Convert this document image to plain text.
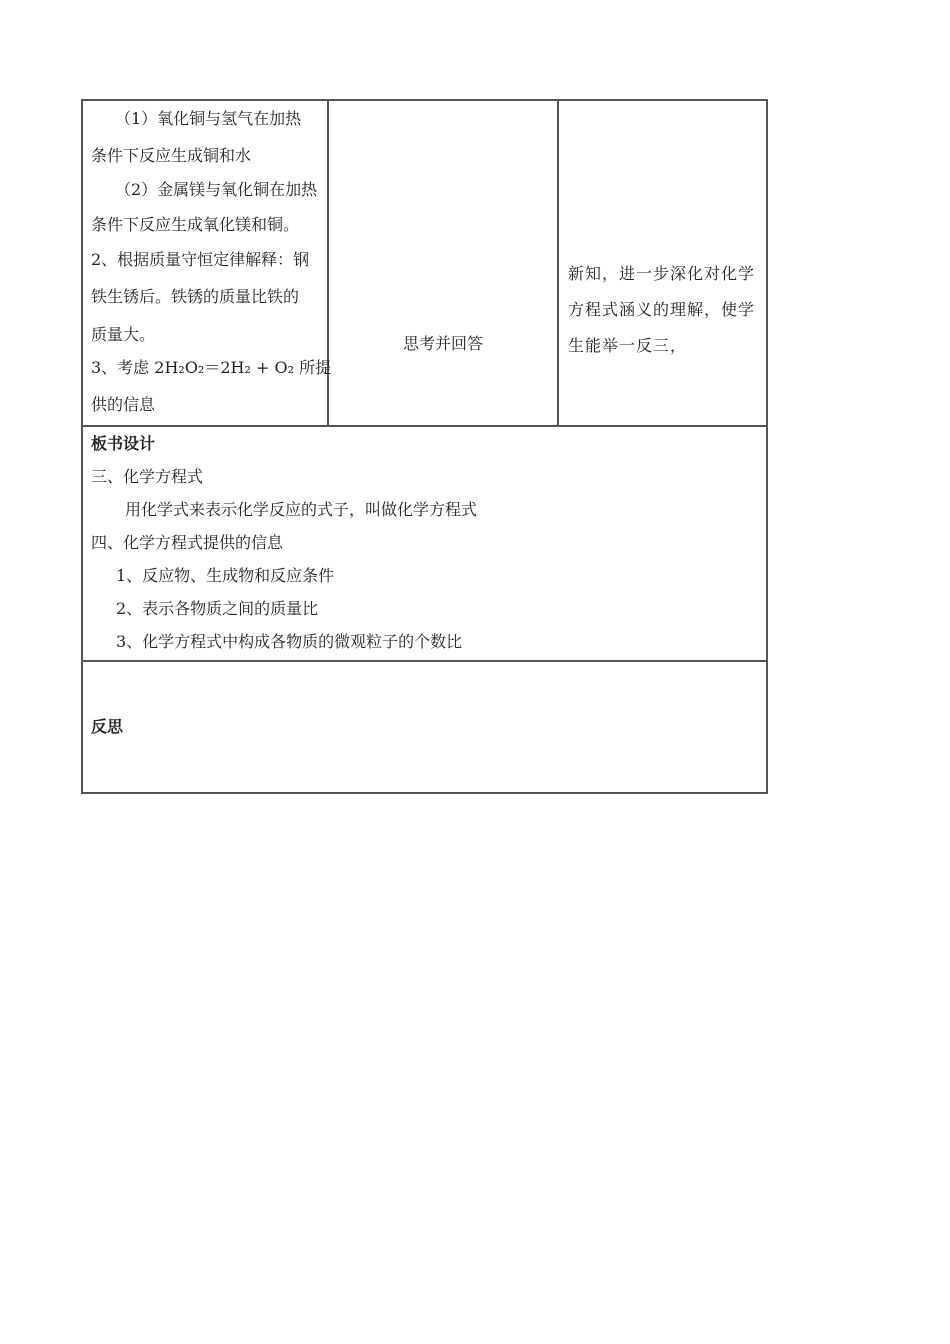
（1）氧化铜与氢气在加热
条件下反应生成铜和水
（2）金属镁与氧化铜在加热
条件下反应生成氧化镁和铜。
2、根据质量守恒定律解释：钢
铁生锈后。铁锈的质量比铁的
质量大。
3、考虑 2H₂O₂＝2H₂ + O₂ 所提
供的信息
思考并回答
新知，进一步深化对化学
方程式涵义的理解，使学
生能举一反三，
板书设计
三、化学方程式
用化学式来表示化学反应的式子，叫做化学方程式
四、化学方程式提供的信息
1、反应物、生成物和反应条件
2、表示各物质之间的质量比
3、化学方程式中构成各物质的微观粒子的个数比
反思
